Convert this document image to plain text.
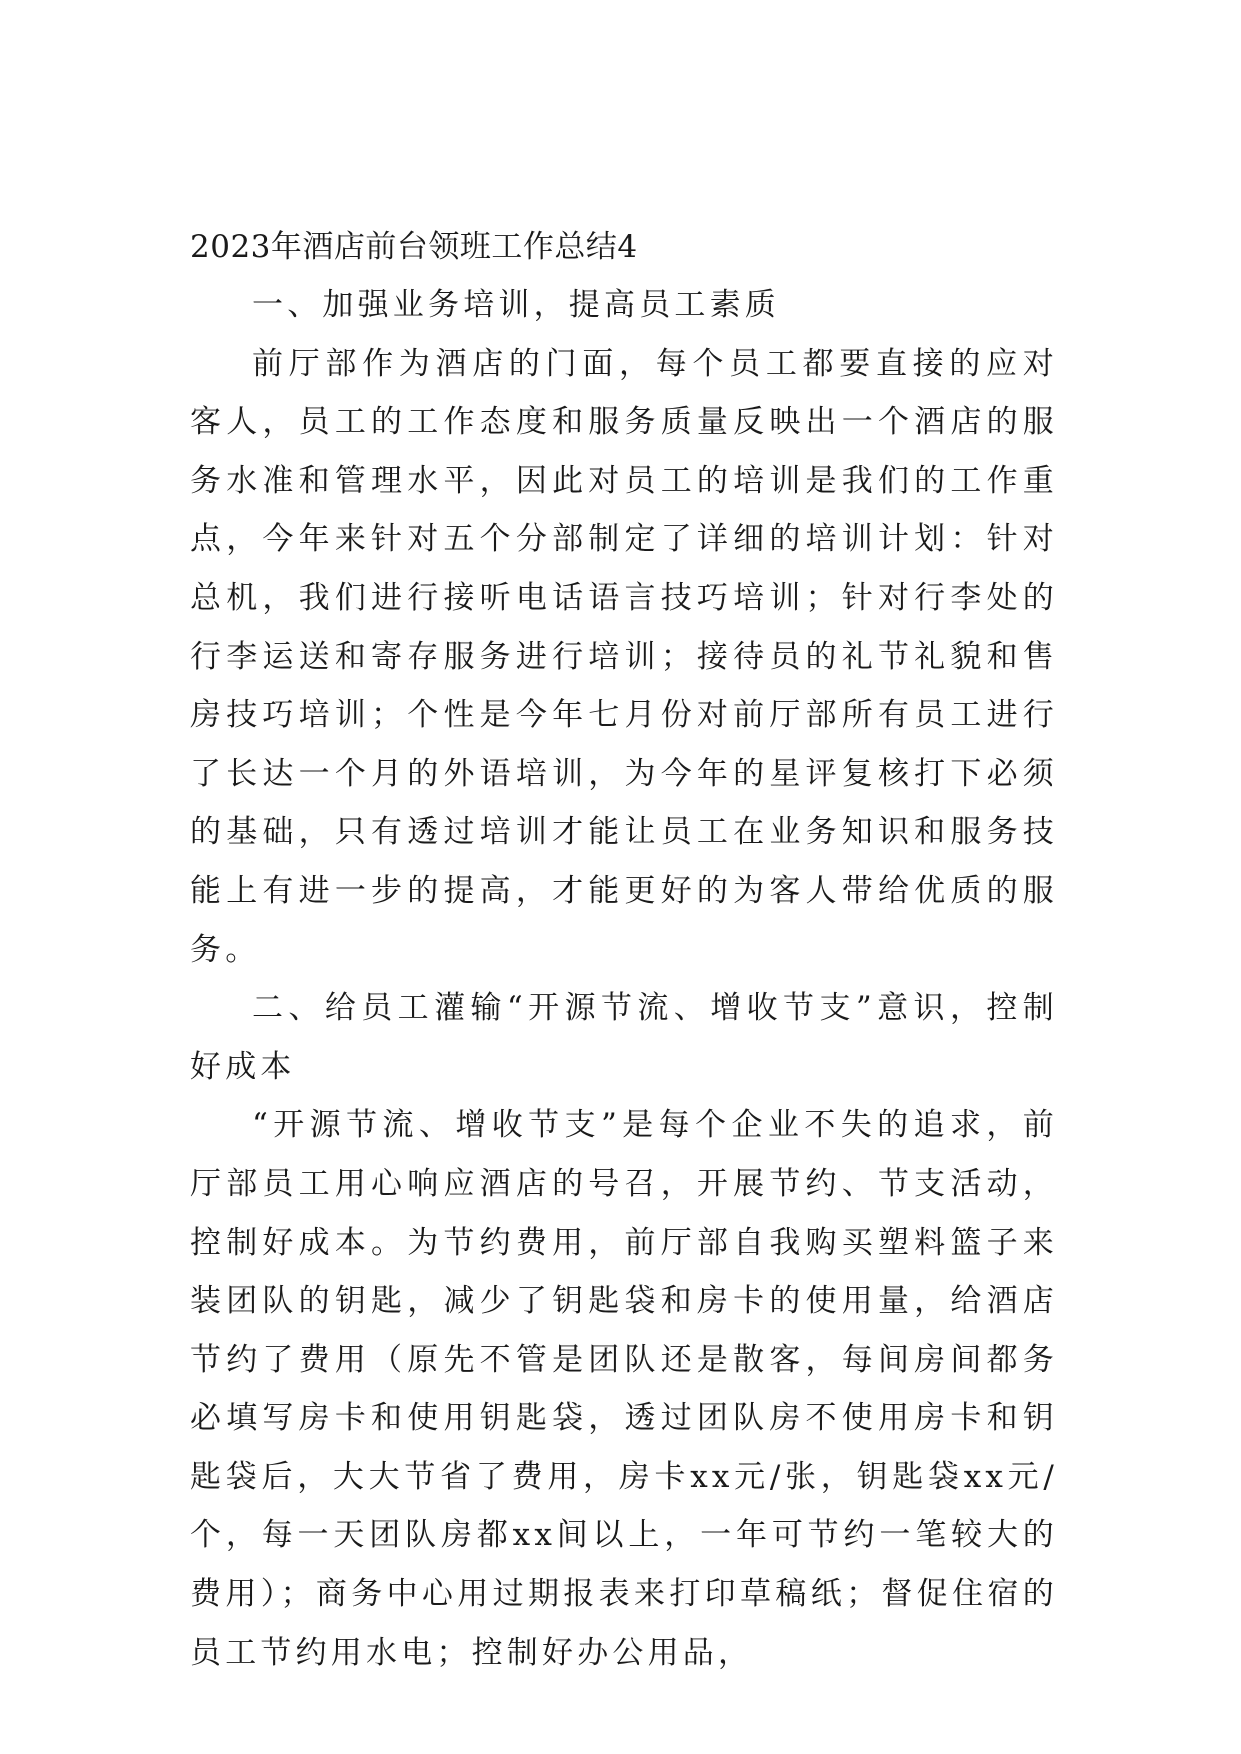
2023年酒店前台领班工作总结4

一、加强业务培训，提高员工素质

前厅部作为酒店的门面，每个员工都要直接的应对客人，员工的工作态度和服务质量反映出一个酒店的服务水准和管理水平，因此对员工的培训是我们的工作重点，今年来针对五个分部制定了详细的培训计划：针对总机，我们进行接听电话语言技巧培训；针对行李处的行李运送和寄存服务进行培训；接待员的礼节礼貌和售房技巧培训；个性是今年七月份对前厅部所有员工进行了长达一个月的外语培训，为今年的星评复核打下必须的基础，只有透过培训才能让员工在业务知识和服务技能上有进一步的提高，才能更好的为客人带给优质的服务。

二、给员工灌输“开源节流、增收节支”意识，控制好成本

“开源节流、增收节支”是每个企业不失的追求，前厅部员工用心响应酒店的号召，开展节约、节支活动，控制好成本。为节约费用，前厅部自我购买塑料篮子来装团队的钥匙，减少了钥匙袋和房卡的使用量，给酒店节约了费用（原先不管是团队还是散客，每间房间都务必填写房卡和使用钥匙袋，透过团队房不使用房卡和钥匙袋后，大大节省了费用，房卡xx元/张，钥匙袋xx元/个，每一天团队房都xx间以上，一年可节约一笔较大的费用）；商务中心用过期报表来打印草稿纸；督促住宿的员工节约用水电；控制好办公用品，
